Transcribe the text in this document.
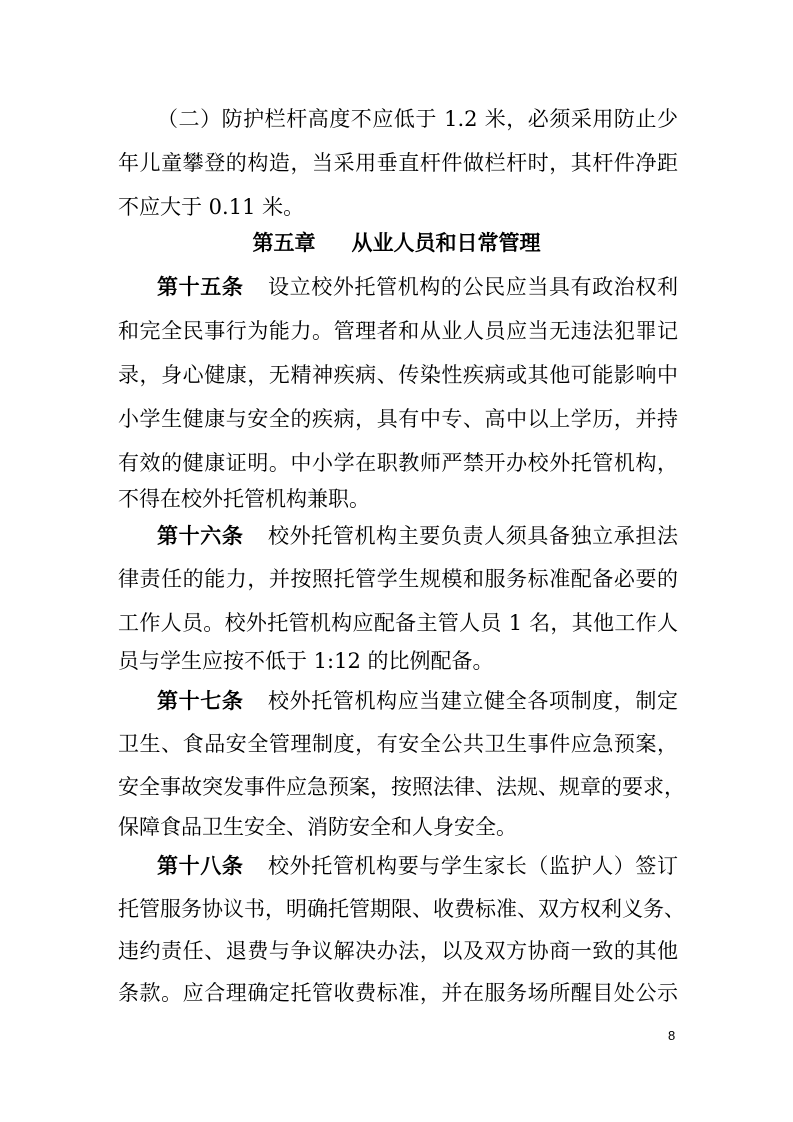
（二）防护栏杆高度不应低于 1.2 米，必须采用防止少
年儿童攀登的构造，当采用垂直杆件做栏杆时，其杆件净距
不应大于 0.11 米。
第五章 从业人员和日常管理
第十五条 设立校外托管机构的公民应当具有政治权利
和完全民事行为能力。管理者和从业人员应当无违法犯罪记
录，身心健康，无精神疾病、传染性疾病或其他可能影响中
小学生健康与安全的疾病，具有中专、高中以上学历，并持
有效的健康证明。中小学在职教师严禁开办校外托管机构，
不得在校外托管机构兼职。
第十六条 校外托管机构主要负责人须具备独立承担法
律责任的能力，并按照托管学生规模和服务标准配备必要的
工作人员。校外托管机构应配备主管人员 1 名，其他工作人
员与学生应按不低于 1:12 的比例配备。
第十七条 校外托管机构应当建立健全各项制度，制定
卫生、食品安全管理制度，有安全公共卫生事件应急预案，
安全事故突发事件应急预案，按照法律、法规、规章的要求，
保障食品卫生安全、消防安全和人身安全。
第十八条 校外托管机构要与学生家长（监护人）签订
托管服务协议书，明确托管期限、收费标准、双方权利义务、
违约责任、退费与争议解决办法，以及双方协商一致的其他
条款。应合理确定托管收费标准，并在服务场所醒目处公示
8
